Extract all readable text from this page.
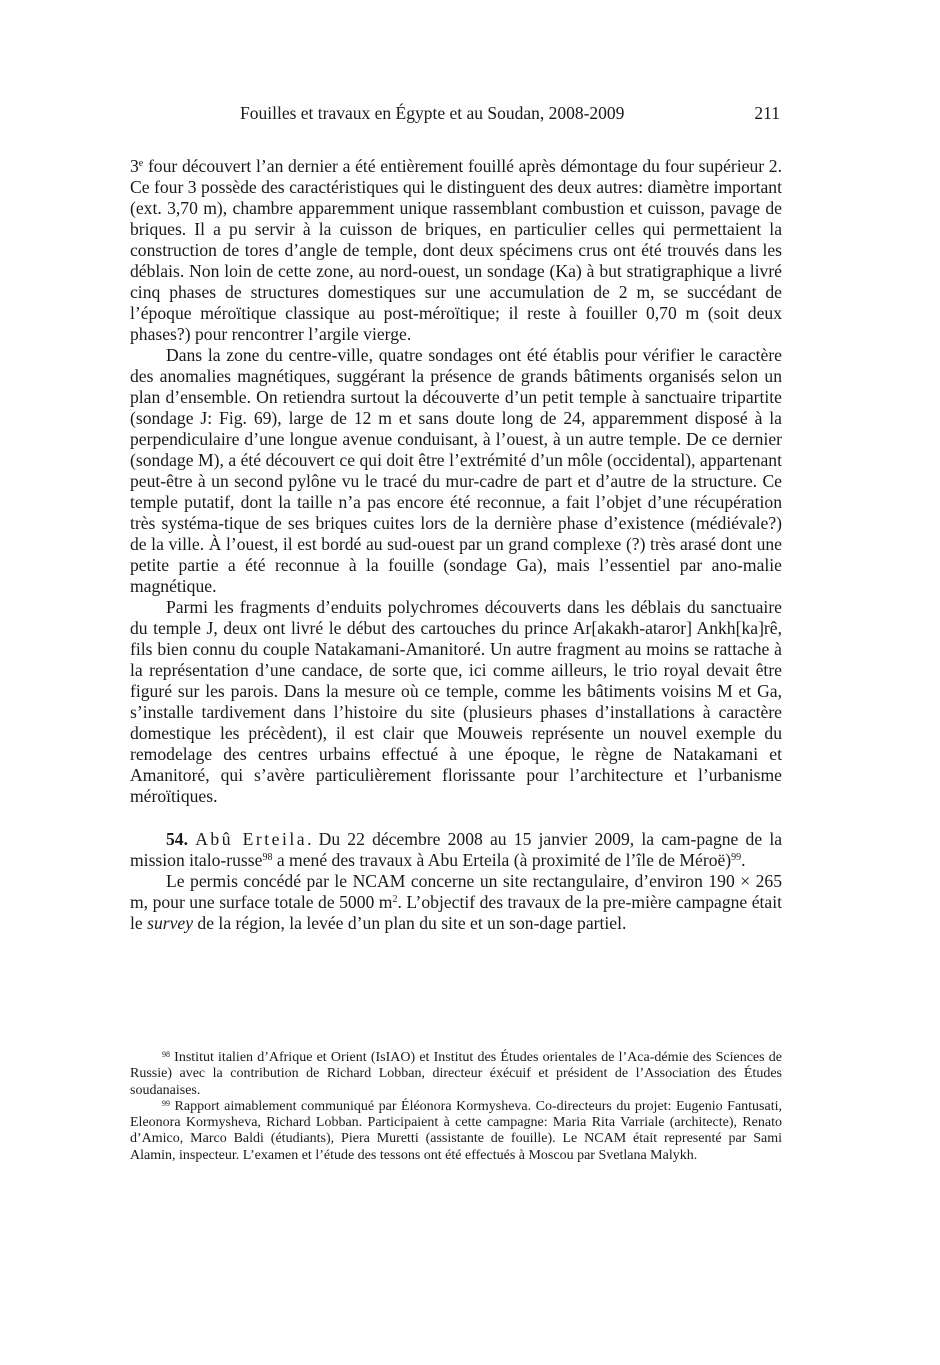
Fouilles et travaux en Égypte et au Soudan, 2008-2009	211

3e four découvert l’an dernier a été entièrement fouillé après démontage du four supérieur 2. Ce four 3 possède des caractéristiques qui le distinguent des deux autres: diamètre important (ext. 3,70 m), chambre apparemment unique rassemblant combustion et cuisson, pavage de briques. Il a pu servir à la cuisson de briques, en particulier celles qui permettaient la construction de tores d’angle de temple, dont deux spécimens crus ont été trouvés dans les déblais. Non loin de cette zone, au nord-ouest, un sondage (Ka) à but stratigraphique a livré cinq phases de structures domestiques sur une accumulation de 2 m, se succédant de l’époque méroïtique classique au post-méroïtique; il reste à fouiller 0,70 m (soit deux phases?) pour rencontrer l’argile vierge.

Dans la zone du centre-ville, quatre sondages ont été établis pour vérifier le caractère des anomalies magnétiques, suggérant la présence de grands bâtiments organisés selon un plan d’ensemble. On retiendra surtout la découverte d’un petit temple à sanctuaire tripartite (sondage J: Fig. 69), large de 12 m et sans doute long de 24, apparemment disposé à la perpendiculaire d’une longue avenue conduisant, à l’ouest, à un autre temple. De ce dernier (sondage M), a été découvert ce qui doit être l’extrémité d’un môle (occidental), appartenant peut-être à un second pylône vu le tracé du mur-cadre de part et d’autre de la structure. Ce temple putatif, dont la taille n’a pas encore été reconnue, a fait l’objet d’une récupération très systéma-tique de ses briques cuites lors de la dernière phase d’existence (médiévale?) de la ville. À l’ouest, il est bordé au sud-ouest par un grand complexe (?) très arasé dont une petite partie a été reconnue à la fouille (sondage Ga), mais l’essentiel par ano-malie magnétique.

Parmi les fragments d’enduits polychromes découverts dans les déblais du sanctuaire du temple J, deux ont livré le début des cartouches du prince Ar[akakh-ataror] Ankh[ka]rê, fils bien connu du couple Natakamani-Amanitoré. Un autre fragment au moins se rattache à la représentation d’une candace, de sorte que, ici comme ailleurs, le trio royal devait être figuré sur les parois. Dans la mesure où ce temple, comme les bâtiments voisins M et Ga, s’installe tardivement dans l’histoire du site (plusieurs phases d’installations à caractère domestique les précèdent), il est clair que Mouweis représente un nouvel exemple du remodelage des centres urbains effectué à une époque, le règne de Natakamani et Amanitoré, qui s’avère particulièrement florissante pour l’architecture et l’urbanisme méroïtiques.

54. Abû Erteila. Du 22 décembre 2008 au 15 janvier 2009, la cam-pagne de la mission italo-russe$^{98}$ a mené des travaux à Abu Erteila (à proximité de l’île de Méroë)$^{99}$.

Le permis concédé par le NCAM concerne un site rectangulaire, d’environ 190 × 265 m, pour une surface totale de 5000 $m^2$. L’objectif des travaux de la pre-mière campagne était le survey de la région, la levée d’un plan du site et un son-dage partiel.

$^{98}$ Institut italien d’Afrique et Orient (IsIAO) et Institut des Études orientales de l’Aca-démie des Sciences de Russie) avec la contribution de Richard Lobban, directeur éxécuif et président de l’Association des Études soudanaises.

$^{99}$ Rapport aimablement communiqué par Éléonora Kormysheva. Co-directeurs du projet: Eugenio Fantusati, Eleonora Kormysheva, Richard Lobban. Participaient à cette campagne: Maria Rita Varriale (architecte), Renato d’Amico, Marco Baldi (étudiants), Piera Muretti (assistante de fouille). Le NCAM était representé par Sami Alamin, inspecteur. L’examen et l’étude des tessons ont été effectués à Moscou par Svetlana Malykh.
